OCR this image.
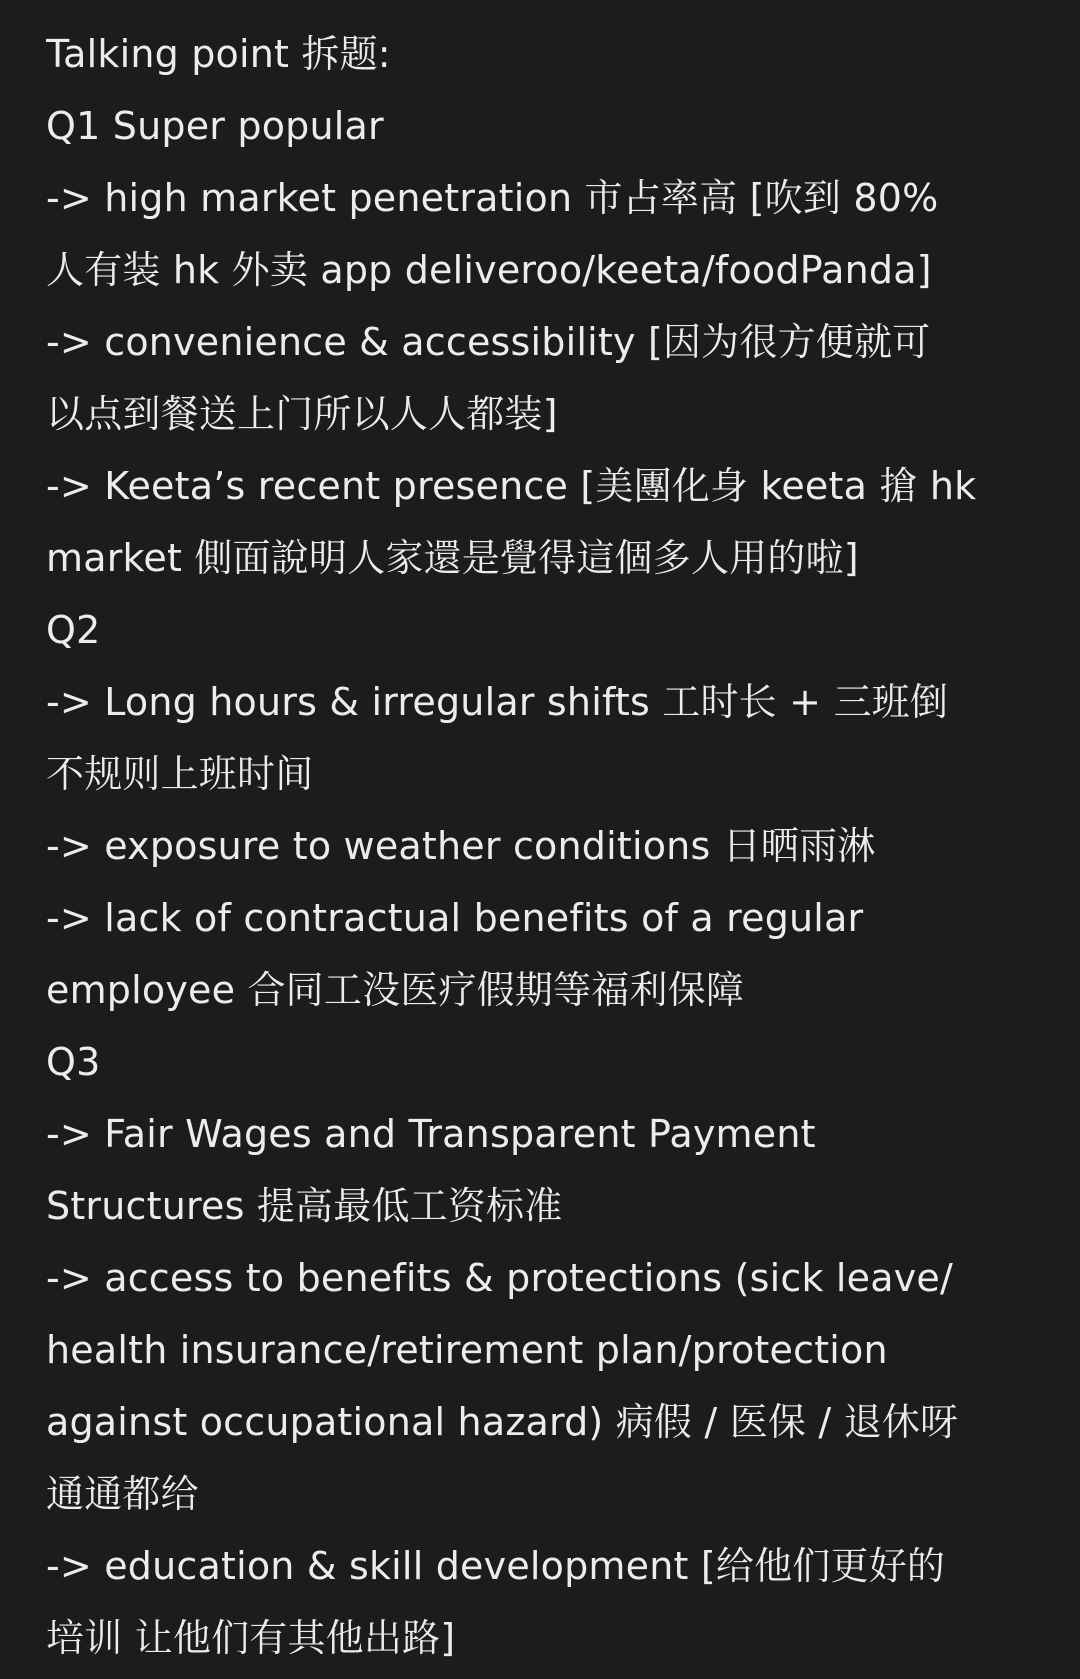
Talking point 拆题:
Q1 Super popular
-> high market penetration 市占率高 [吹到 80%
人有装 hk 外卖 app deliveroo/keeta/foodPanda]
-> convenience & accessibility [因为很方便就可
以点到餐送上门所以人人都装]
-> Keeta’s recent presence [美團化身 keeta 搶 hk
market 側面說明人家還是覺得這個多人用的啦]
Q2
-> Long hours & irregular shifts 工时长 + 三班倒
不规则上班时间
-> exposure to weather conditions 日晒雨淋
-> lack of contractual benefits of a regular
employee 合同工没医疗假期等福利保障
Q3
-> Fair Wages and Transparent Payment
Structures 提高最低工资标准
-> access to benefits & protections (sick leave/
health insurance/retirement plan/protection
against occupational hazard) 病假 / 医保 / 退休呀
通通都给
-> education & skill development [给他们更好的
培训 让他们有其他出路]
